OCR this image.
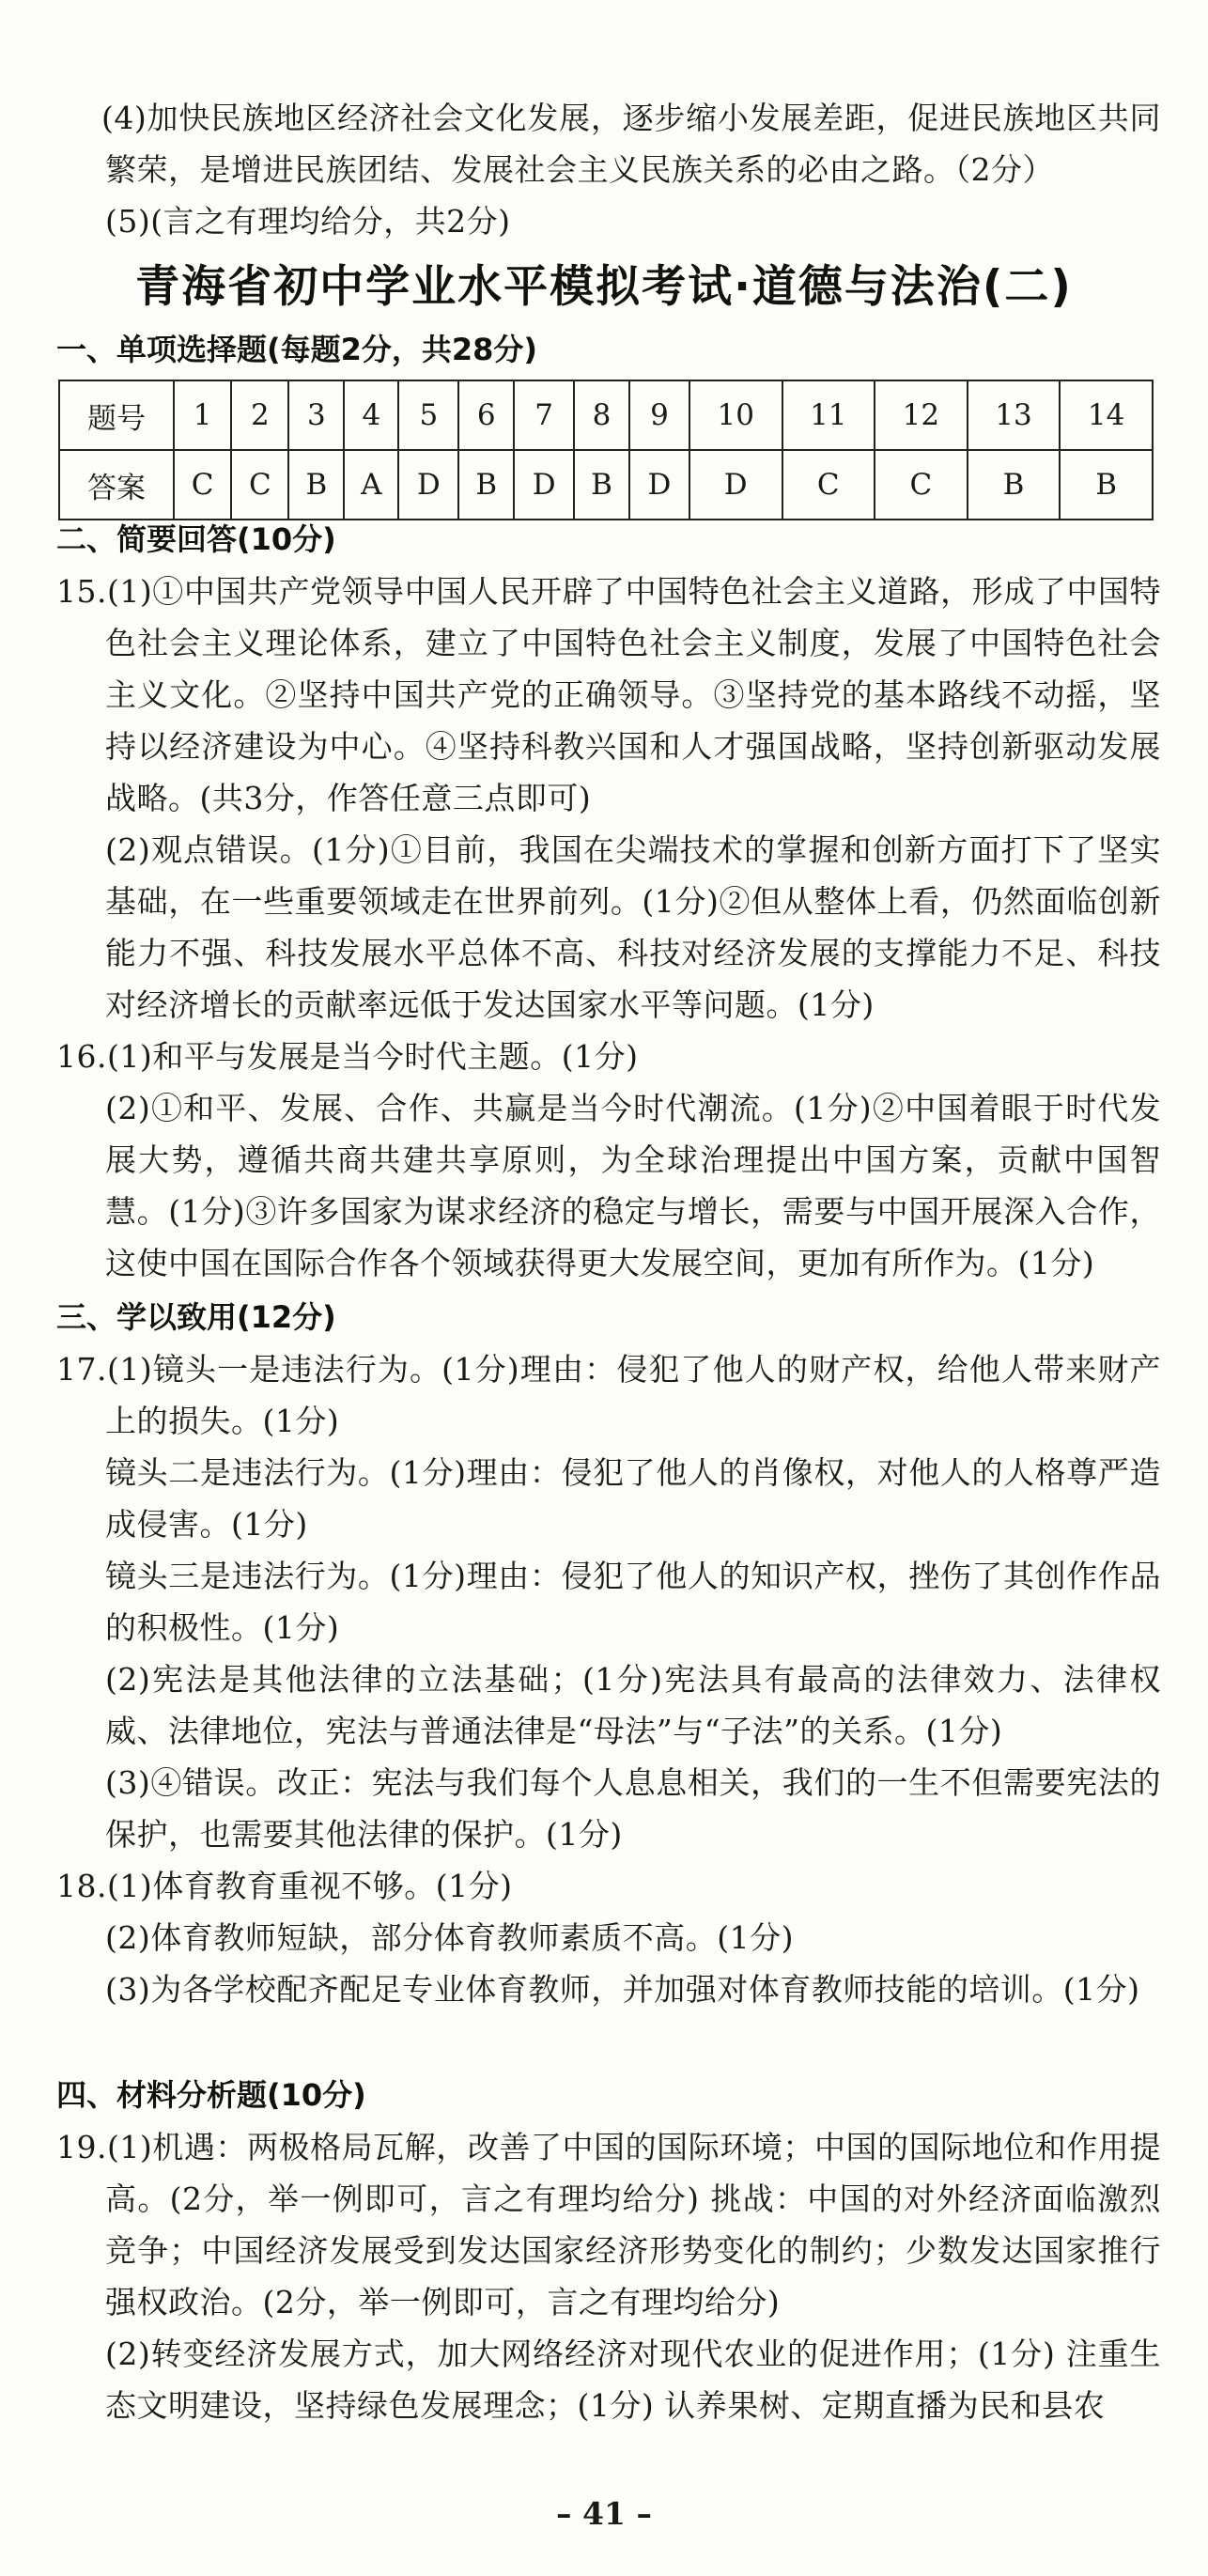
(4)加快民族地区经济社会文化发展，逐步缩小发展差距，促进民族地区共同繁荣，是增进民族团结、发展社会主义民族关系的必由之路。（2分）

(5)(言之有理均给分，共2分)

青海省初中学业水平模拟考试·道德与法治(二)
一、单项选择题(每题2分，共28分)
题号	1	2	3	4	5	6	7	8	9	10	11	12	13	14
答案	C	C	B	A	D	B	D	B	D	D	C	C	B	B
二、简要回答(10分)

15.(1)①中国共产党领导中国人民开辟了中国特色社会主义道路，形成了中国特色社会主义理论体系，建立了中国特色社会主义制度，发展了中国特色社会主义文化。②坚持中国共产党的正确领导。③坚持党的基本路线不动摇，坚持以经济建设为中心。④坚持科教兴国和人才强国战略，坚持创新驱动发展战略。(共3分，作答任意三点即可)

(2)观点错误。(1分)①目前，我国在尖端技术的掌握和创新方面打下了坚实基础，在一些重要领域走在世界前列。(1分)②但从整体上看，仍然面临创新能力不强、科技发展水平总体不高、科技对经济发展的支撑能力不足、科技对经济增长的贡献率远低于发达国家水平等问题。(1分)

16.(1)和平与发展是当今时代主题。(1分)

(2)①和平、发展、合作、共赢是当今时代潮流。(1分)②中国着眼于时代发展大势，遵循共商共建共享原则，为全球治理提出中国方案，贡献中国智慧。(1分)③许多国家为谋求经济的稳定与增长，需要与中国开展深入合作，这使中国在国际合作各个领域获得更大发展空间，更加有所作为。(1分)

三、学以致用(12分)

17.(1)镜头一是违法行为。(1分)理由：侵犯了他人的财产权，给他人带来财产上的损失。(1分)

镜头二是违法行为。(1分)理由：侵犯了他人的肖像权，对他人的人格尊严造成侵害。(1分)

镜头三是违法行为。(1分)理由：侵犯了他人的知识产权，挫伤了其创作作品的积极性。(1分)

(2)宪法是其他法律的立法基础；(1分)宪法具有最高的法律效力、法律权威、法律地位，宪法与普通法律是“母法”与“子法”的关系。(1分)

(3)④错误。改正：宪法与我们每个人息息相关，我们的一生不但需要宪法的保护，也需要其他法律的保护。(1分)

18.(1)体育教育重视不够。(1分)

(2)体育教师短缺，部分体育教师素质不高。(1分)

(3)为各学校配齐配足专业体育教师，并加强对体育教师技能的培训。(1分)

四、材料分析题(10分)

19.(1)机遇：两极格局瓦解，改善了中国的国际环境；中国的国际地位和作用提高。(2分，举一例即可，言之有理均给分) 挑战：中国的对外经济面临激烈竞争；中国经济发展受到发达国家经济形势变化的制约；少数发达国家推行强权政治。(2分，举一例即可，言之有理均给分)

(2)转变经济发展方式，加大网络经济对现代农业的促进作用；(1分) 注重生态文明建设，坚持绿色发展理念；(1分) 认养果树、定期直播为民和县农

– 41 –
